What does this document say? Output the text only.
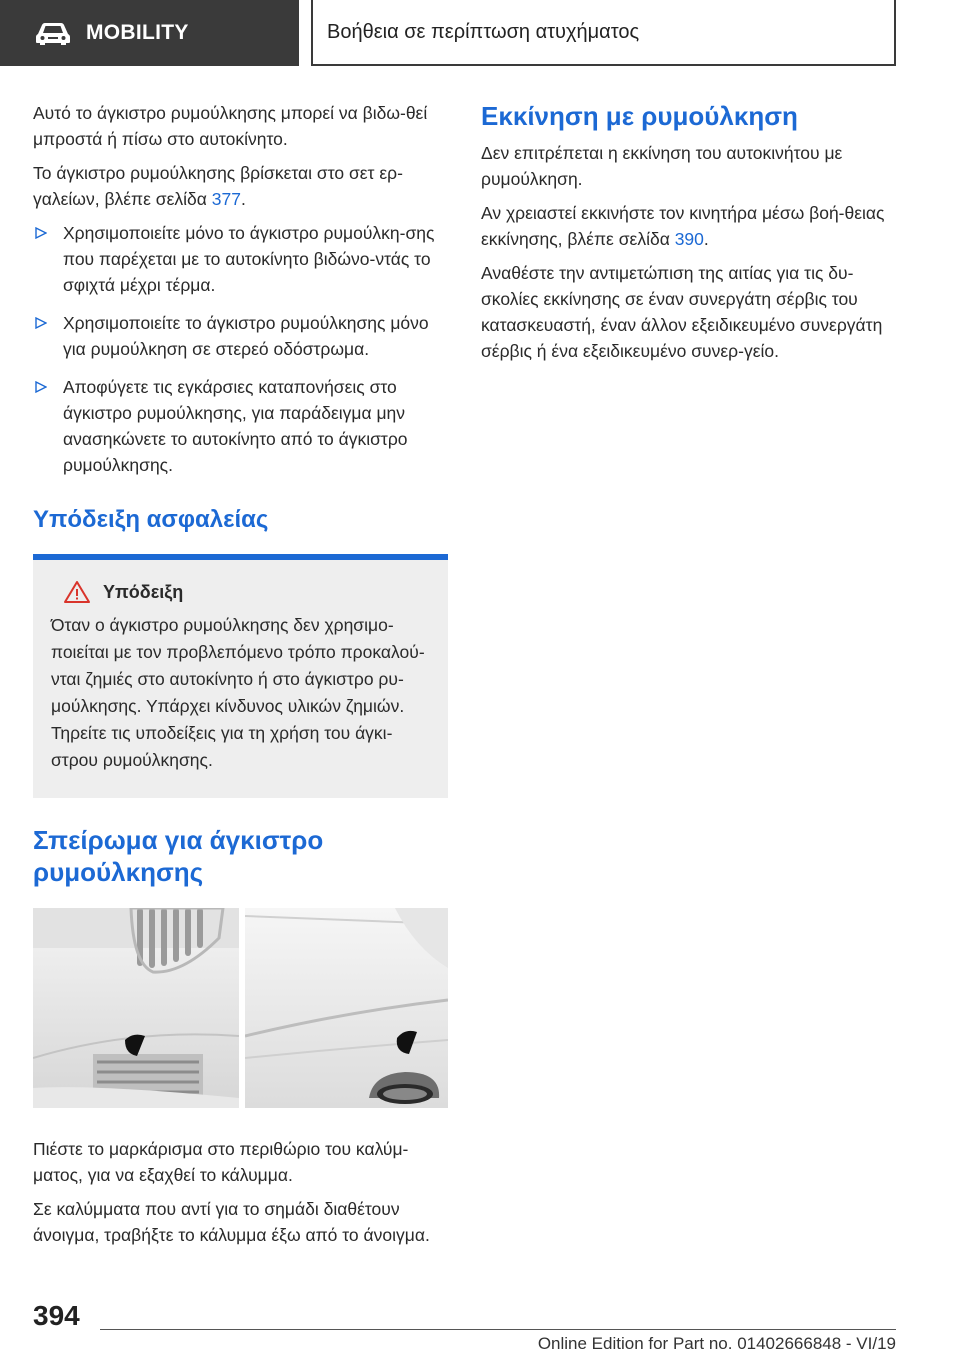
MOBILITY	Βοήθεια σε περίπτωση ατυχήματος

Αυτό το άγκιστρο ρυμούλκησης μπορεί να βιδω‐θεί μπροστά ή πίσω στο αυτοκίνητο.

Το άγκιστρο ρυμούλκησης βρίσκεται στο σετ ερ‐γαλείων, βλέπε σελίδα 377.

Χρησιμοποιείτε μόνο το άγκιστρο ρυμούλκη‐σης που παρέχεται με το αυτοκίνητο βιδώνο‐ντάς το σφιχτά μέχρι τέρμα.
Χρησιμοποιείτε το άγκιστρο ρυμούλκησης μόνο για ρυμούλκηση σε στερεό οδόστρωμα.
Αποφύγετε τις εγκάρσιες καταπονήσεις στο άγκιστρο ρυμούλκησης, για παράδειγμα μην ανασηκώνετε το αυτοκίνητο από το άγκιστρο ρυμούλκησης.
Υπόδειξη ασφαλείας
Υπόδειξη

Όταν ο άγκιστρο ρυμούλκησης δεν χρησιμο‐ποιείται με τον προβλεπόμενο τρόπο προκαλού‐νται ζημιές στο αυτοκίνητο ή στο άγκιστρο ρυ‐μούλκησης. Υπάρχει κίνδυνος υλικών ζημιών. Τηρείτε τις υποδείξεις για τη χρήση του άγκι‐στρου ρυμούλκησης.

Σπείρωμα για άγκιστρο ρυμούλκησης

Πιέστε το μαρκάρισμα στο περιθώριο του καλύμ‐ματος, για να εξαχθεί το κάλυμμα.

Σε καλύμματα που αντί για το σημάδι διαθέτουν άνοιγμα, τραβήξτε το κάλυμμα έξω από το άνοιγμα.

Εκκίνηση με ρυμούλκηση

Δεν επιτρέπεται η εκκίνηση του αυτοκινήτου με ρυμούλκηση.

Αν χρειαστεί εκκινήστε τον κινητήρα μέσω βοή‐θειας εκκίνησης, βλέπε σελίδα 390.

Αναθέστε την αντιμετώπιση της αιτίας για τις δυ‐σκολίες εκκίνησης σε έναν συνεργάτη σέρβις του κατασκευαστή, έναν άλλον εξειδικευμένο συνεργάτη σέρβις ή ένα εξειδικευμένο συνερ‐γείο.

394
Online Edition for Part no. 01402666848 - VI/19
